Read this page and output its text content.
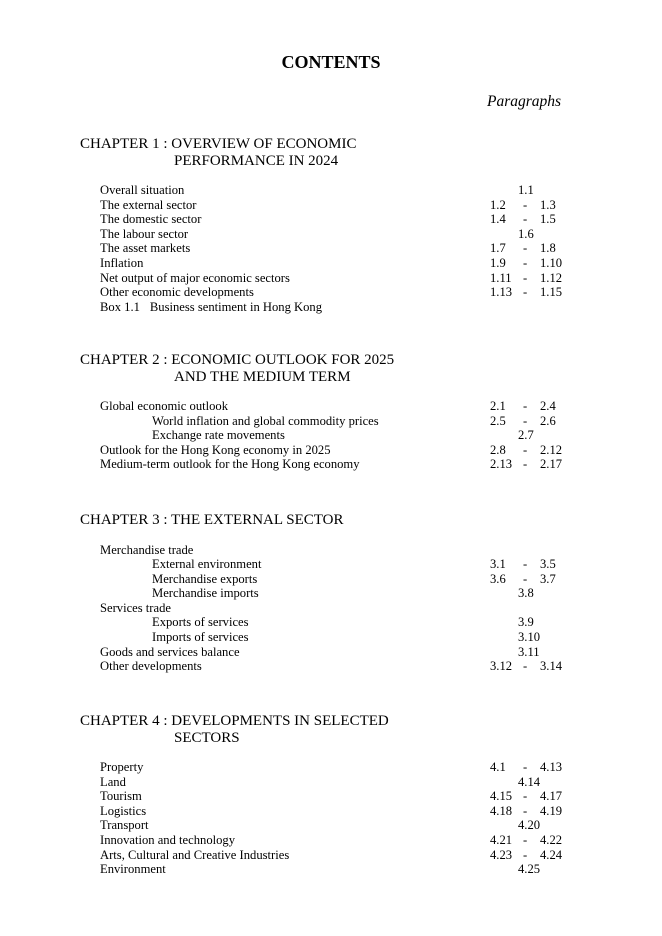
CONTENTS
Paragraphs
CHAPTER 1 : OVERVIEW OF ECONOMIC
PERFORMANCE IN 2024
Overall situation	1.1
The external sector	1.2 - 1.3
The domestic sector	1.4 - 1.5
The labour sector	1.6
The asset markets	1.7 - 1.8
Inflation	1.9 - 1.10
Net output of major economic sectors	1.11 - 1.12
Other economic developments	1.13 - 1.15
Box 1.1 Business sentiment in Hong Kong
CHAPTER 2 : ECONOMIC OUTLOOK FOR 2025
AND THE MEDIUM TERM
Global economic outlook	2.1 - 2.4
World inflation and global commodity prices	2.5 - 2.6
Exchange rate movements	2.7
Outlook for the Hong Kong economy in 2025	2.8 - 2.12
Medium-term outlook for the Hong Kong economy	2.13 - 2.17
CHAPTER 3 : THE EXTERNAL SECTOR
Merchandise trade
External environment	3.1 - 3.5
Merchandise exports	3.6 - 3.7
Merchandise imports	3.8
Services trade
Exports of services	3.9
Imports of services	3.10
Goods and services balance	3.11
Other developments	3.12 - 3.14
CHAPTER 4 : DEVELOPMENTS IN SELECTED
SECTORS
Property	4.1 - 4.13
Land	4.14
Tourism	4.15 - 4.17
Logistics	4.18 - 4.19
Transport	4.20
Innovation and technology	4.21 - 4.22
Arts, Cultural and Creative Industries	4.23 - 4.24
Environment	4.25
